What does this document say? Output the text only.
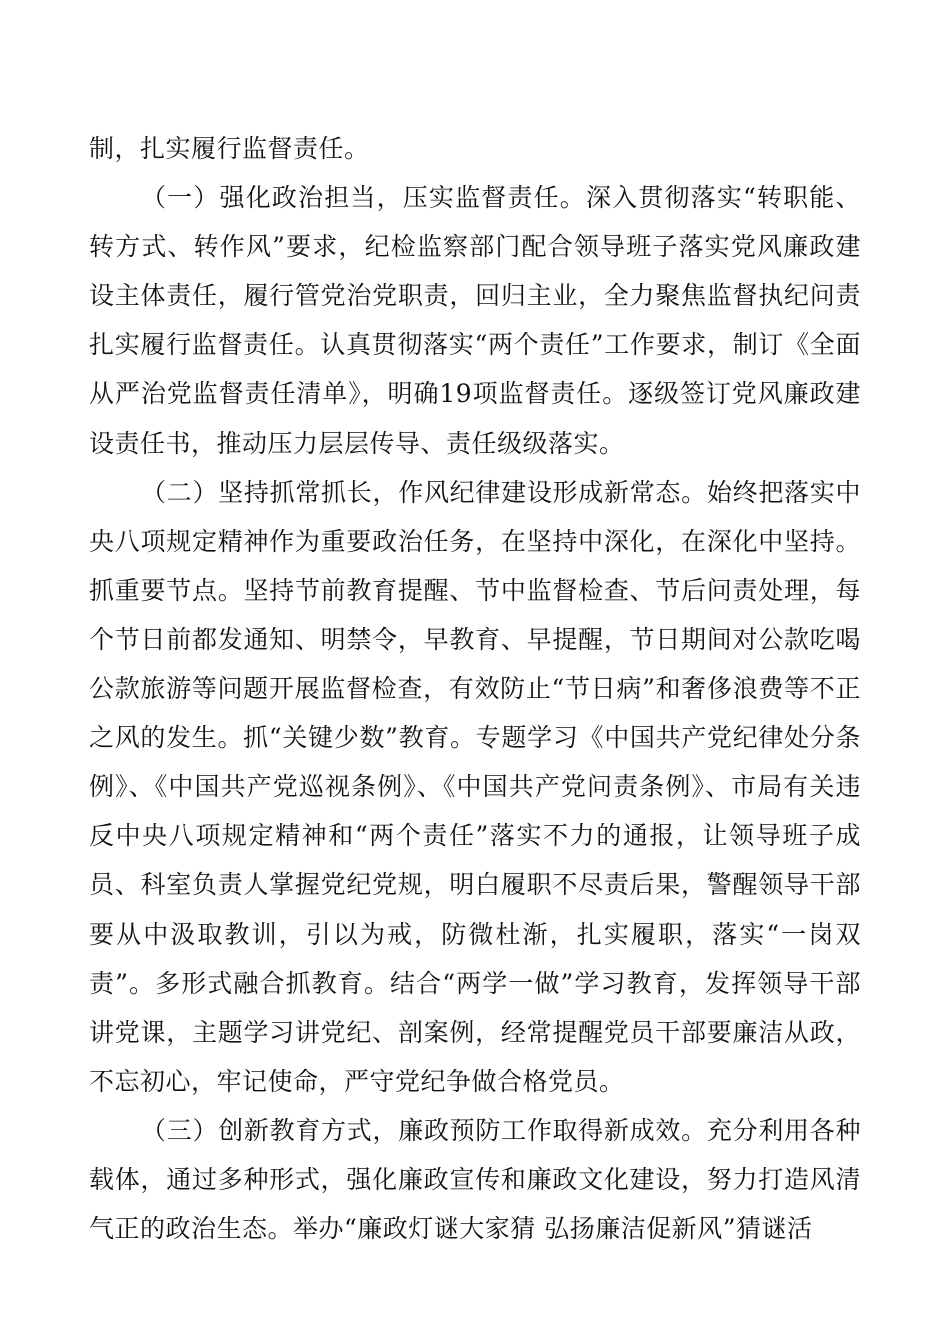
制，扎实履行监督责任。

（一）强化政治担当，压实监督责任。深入贯彻落实“转职能、转方式、转作风”要求，纪检监察部门配合领导班子落实党风廉政建设主体责任，履行管党治党职责，回归主业，全力聚焦监督执纪问责扎实履行监督责任。认真贯彻落实“两个责任”工作要求，制订《全面从严治党监督责任清单》，明确19项监督责任。逐级签订党风廉政建设责任书，推动压力层层传导、责任级级落实。

（二）坚持抓常抓长，作风纪律建设形成新常态。始终把落实中央八项规定精神作为重要政治任务，在坚持中深化，在深化中坚持。抓重要节点。坚持节前教育提醒、节中监督检查、节后问责处理，每个节日前都发通知、明禁令，早教育、早提醒，节日期间对公款吃喝公款旅游等问题开展监督检查，有效防止“节日病”和奢侈浪费等不正之风的发生。抓“关键少数”教育。专题学习《中国共产党纪律处分条例》、《中国共产党巡视条例》、《中国共产党问责条例》、市局有关违反中央八项规定精神和“两个责任”落实不力的通报，让领导班子成员、科室负责人掌握党纪党规，明白履职不尽责后果，警醒领导干部要从中汲取教训，引以为戒，防微杜渐，扎实履职，落实“一岗双责”。多形式融合抓教育。结合“两学一做”学习教育，发挥领导干部讲党课，主题学习讲党纪、剖案例，经常提醒党员干部要廉洁从政，不忘初心，牢记使命，严守党纪争做合格党员。

（三）创新教育方式，廉政预防工作取得新成效。充分利用各种载体，通过多种形式，强化廉政宣传和廉政文化建设，努力打造风清气正的政治生态。举办“廉政灯谜大家猜 弘扬廉洁促新风”猜谜活
